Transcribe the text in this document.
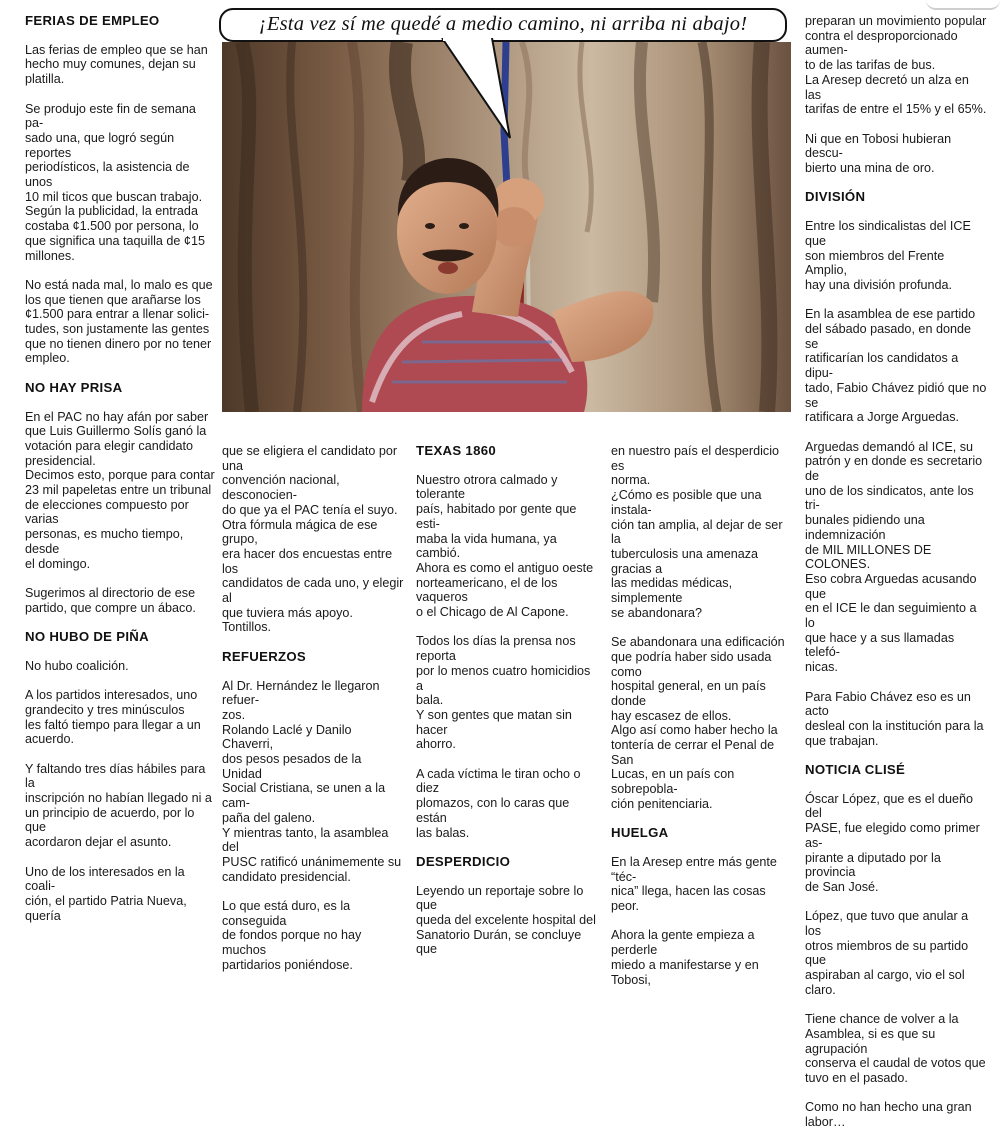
¡Esta vez sí me quedé a medio camino, ni arriba ni abajo!
FERIAS DE EMPLEO

Las ferias de empleo que se han
hecho muy comunes, dejan su
platilla.

Se produjo este fin de semana pa-
sado una, que logró según reportes
periodísticos, la asistencia de unos
10 mil ticos que buscan trabajo.
Según la publicidad, la entrada
costaba ¢1.500 por persona, lo
que significa una taquilla de ¢15
millones.

No está nada mal, lo malo es que
los que tienen que arañarse los
¢1.500 para entrar a llenar solici-
tudes, son justamente las gentes
que no tienen dinero por no tener
empleo.

NO HAY PRISA

En el PAC no hay afán por saber
que Luis Guillermo Solís ganó la
votación para elegir candidato
presidencial.

Decimos esto, porque para contar
23 mil papeletas entre un tribunal
de elecciones compuesto por varias
personas, es mucho tiempo, desde
el domingo.

Sugerimos al directorio de ese
partido, que compre un ábaco.

NO HUBO DE PIÑA

No hubo coalición.

A los partidos interesados, uno
grandecito y tres minúsculos
les faltó tiempo para llegar a un
acuerdo.

Y faltando tres días hábiles para la
inscripción no habían llegado ni a
un principio de acuerdo, por lo que
acordaron dejar el asunto.

Uno de los interesados en la coali-
ción, el partido Patria Nueva, quería

que se eligiera el candidato por una
convención nacional, desconocien-
do que ya el PAC tenía el suyo.
Otra fórmula mágica de ese grupo,
era hacer dos encuestas entre los
candidatos de cada uno, y elegir al
que tuviera más apoyo. Tontillos.

REFUERZOS

Al Dr. Hernández le llegaron refuer-
zos.

Rolando Laclé y Danilo Chaverri,
dos pesos pesados de la Unidad
Social Cristiana, se unen a la cam-
paña del galeno.

Y mientras tanto, la asamblea del
PUSC ratificó unánimemente su
candidato presidencial.

Lo que está duro, es la conseguida
de fondos porque no hay muchos
partidarios poniéndose.

TEXAS 1860

Nuestro otrora calmado y tolerante
país, habitado por gente que esti-
maba la vida humana, ya cambió.
Ahora es como el antiguo oeste
norteamericano, el de los vaqueros
o el Chicago de Al Capone.

Todos los días la prensa nos reporta
por lo menos cuatro homicidios a
bala.

Y son gentes que matan sin hacer
ahorro.

A cada víctima le tiran ocho o diez
plomazos, con lo caras que están
las balas.

DESPERDICIO

Leyendo un reportaje sobre lo que
queda del excelente hospital del
Sanatorio Durán, se concluye que

en nuestro país el desperdicio es
norma.

¿Cómo es posible que una instala-
ción tan amplia, al dejar de ser la
tuberculosis una amenaza gracias a
las medidas médicas, simplemente
se abandonara?

Se abandonara una edificación
que podría haber sido usada como
hospital general, en un país donde
hay escasez de ellos.

Algo así como haber hecho la
tontería de cerrar el Penal de San
Lucas, en un país con sobrepobla-
ción penitenciaria.

HUELGA

En la Aresep entre más gente “téc-
nica” llega, hacen las cosas peor.

Ahora la gente empieza a perderle
miedo a manifestarse y en Tobosi,

preparan un movimiento popular
contra el desproporcionado aumen-
to de las tarifas de bus.

La Aresep decretó un alza en las
tarifas de entre el 15% y el 65%.

Ni que en Tobosi hubieran descu-
bierto una mina de oro.

DIVISIÓN

Entre los sindicalistas del ICE que
son miembros del Frente Amplio,
hay una división profunda.

En la asamblea de ese partido
del sábado pasado, en donde se
ratificarían los candidatos a dipu-
tado, Fabio Chávez pidió que no se
ratificara a Jorge Arguedas.

Arguedas demandó al ICE, su
patrón y en donde es secretario de
uno de los sindicatos, ante los tri-
bunales pidiendo una indemnización
de MIL MILLONES DE COLONES.

Eso cobra Arguedas acusando que
en el ICE le dan seguimiento a lo
que hace y a sus llamadas telefó-
nicas.

Para Fabio Chávez eso es un acto
desleal con la institución para la
que trabajan.

NOTICIA CLISÉ

Óscar López, que es el dueño del
PASE, fue elegido como primer as-
pirante a diputado por la provincia
de San José.

López, que tuvo que anular a los
otros miembros de su partido que
aspiraban al cargo, vio el sol claro.

Tiene chance de volver a la
Asamblea, si es que su agrupación
conserva el caudal de votos que
tuvo en el pasado.

Como no han hecho una gran
labor…
